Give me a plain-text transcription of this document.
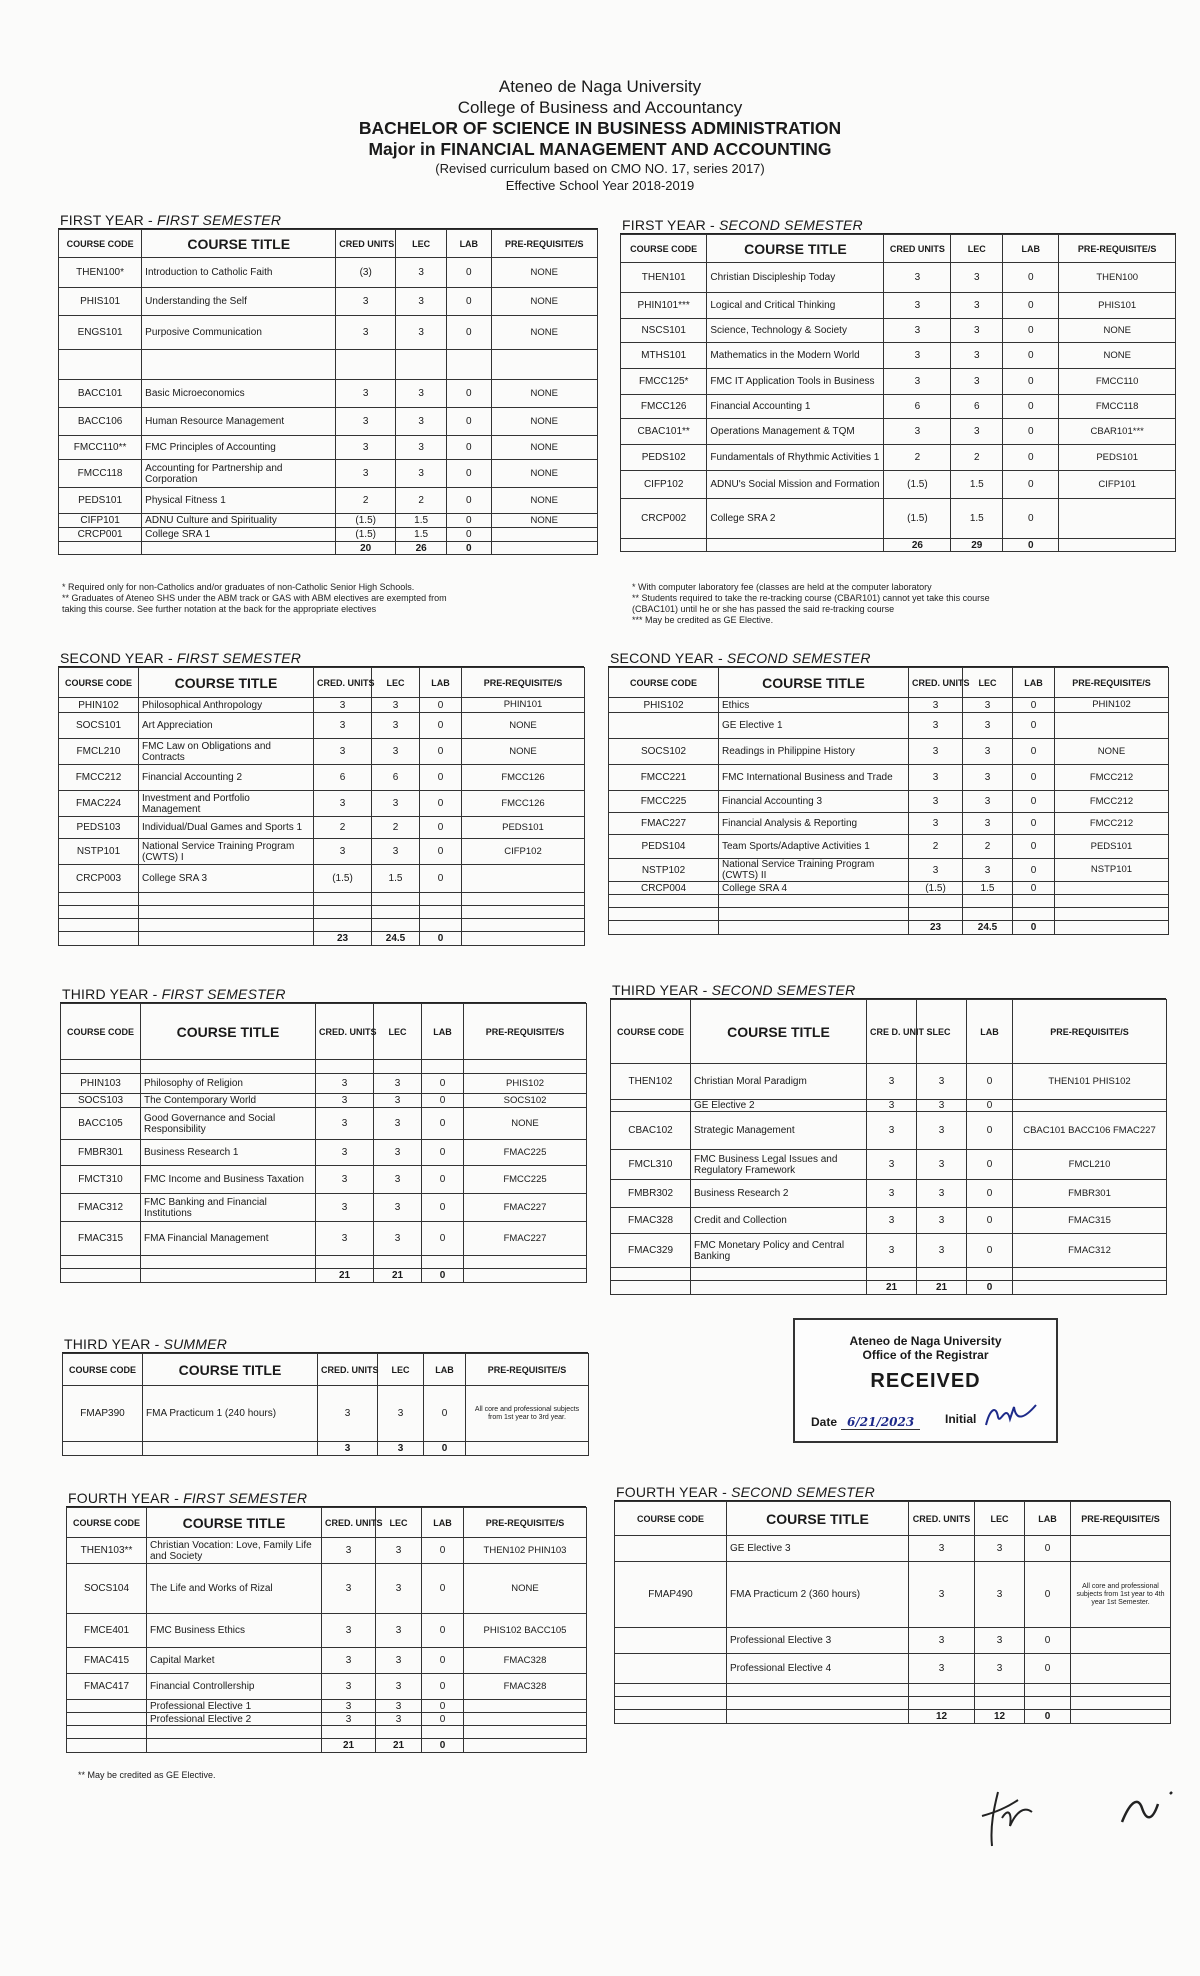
Ateneo de Naga University
College of Business and Accountancy
BACHELOR OF SCIENCE IN BUSINESS ADMINISTRATION
Major in FINANCIAL MANAGEMENT AND ACCOUNTING
(Revised curriculum based on CMO NO. 17, series 2017)
Effective School Year 2018-2019
FIRST YEAR - FIRST SEMESTER
COURSE CODE	COURSE TITLE	CRED UNITS	LEC	LAB	PRE-REQUISITE/S
THEN100*	Introduction to Catholic Faith	(3)	3	0	NONE
PHIS101	Understanding the Self	3	3	0	NONE
ENGS101	Purposive Communication	3	3	0	NONE

BACC101	Basic Microeconomics	3	3	0	NONE
BACC106	Human Resource Management	3	3	0	NONE
FMCC110**	FMC Principles of Accounting	3	3	0	NONE
FMCC118	Accounting for Partnership and Corporation	3	3	0	NONE
PEDS101	Physical Fitness 1	2	2	0	NONE
CIFP101	ADNU Culture and Spirituality	(1.5)	1.5	0	NONE
CRCP001	College SRA 1	(1.5)	1.5	0	
		20	26	0	
* Required only for non-Catholics and/or graduates of non-Catholic Senior High Schools.
** Graduates of Ateneo SHS under the ABM track or GAS with ABM electives are exempted from
taking this course. See further notation at the back for the appropriate electives
FIRST YEAR - SECOND SEMESTER
COURSE CODE	COURSE TITLE	CRED UNITS	LEC	LAB	PRE-REQUISITE/S
THEN101	Christian Discipleship Today	3	3	0	THEN100
PHIN101***	Logical and Critical Thinking	3	3	0	PHIS101
NSCS101	Science, Technology & Society	3	3	0	NONE
MTHS101	Mathematics in the Modern World	3	3	0	NONE
FMCC125*	FMC IT Application Tools in Business	3	3	0	FMCC110
FMCC126	Financial Accounting 1	6	6	0	FMCC118
CBAC101**	Operations Management & TQM	3	3	0	CBAR101***
PEDS102	Fundamentals of Rhythmic Activities 1	2	2	0	PEDS101
CIFP102	ADNU's Social Mission and Formation	(1.5)	1.5	0	CIFP101
CRCP002	College SRA 2	(1.5)	1.5	0	
		26	29	0	
* With computer laboratory fee (classes are held at the computer laboratory
** Students required to take the re-tracking course (CBAR101) cannot yet take this course
(CBAC101) until he or she has passed the said re-tracking course
*** May be credited as GE Elective.
SECOND YEAR - FIRST SEMESTER
COURSE CODE	COURSE TITLE	CRED. UNITS	LEC	LAB	PRE-REQUISITE/S
PHIN102	Philosophical Anthropology	3	3	0	PHIN101
SOCS101	Art Appreciation	3	3	0	NONE
FMCL210	FMC Law on Obligations and Contracts	3	3	0	NONE
FMCC212	Financial Accounting 2	6	6	0	FMCC126
FMAC224	Investment and Portfolio Management	3	3	0	FMCC126
PEDS103	Individual/Dual Games and Sports 1	2	2	0	PEDS101
NSTP101	National Service Training Program (CWTS) I	3	3	0	CIFP102
CRCP003	College SRA 3	(1.5)	1.5	0	

		23	24.5	0	
SECOND YEAR - SECOND SEMESTER
COURSE CODE	COURSE TITLE	CRED. UNITS	LEC	LAB	PRE-REQUISITE/S
PHIS102	Ethics	3	3	0	PHIN102
	GE Elective 1	3	3	0	
SOCS102	Readings in Philippine History	3	3	0	NONE
FMCC221	FMC International Business and Trade	3	3	0	FMCC212
FMCC225	Financial Accounting 3	3	3	0	FMCC212
FMAC227	Financial Analysis & Reporting	3	3	0	FMCC212
PEDS104	Team Sports/Adaptive Activities 1	2	2	0	PEDS101
NSTP102	National Service Training Program (CWTS) II	3	3	0	NSTP101
CRCP004	College SRA 4	(1.5)	1.5	0	

		23	24.5	0	
THIRD YEAR - FIRST SEMESTER
COURSE CODE	COURSE TITLE	CRED. UNITS	LEC	LAB	PRE-REQUISITE/S

PHIN103	Philosophy of Religion	3	3	0	PHIS102
SOCS103	The Contemporary World	3	3	0	SOCS102
BACC105	Good Governance and Social Responsibility	3	3	0	NONE
FMBR301	Business Research 1	3	3	0	FMAC225
FMCT310	FMC Income and Business Taxation	3	3	0	FMCC225
FMAC312	FMC Banking and Financial Institutions	3	3	0	FMAC227
FMAC315	FMA Financial Management	3	3	0	FMAC227

		21	21	0	
THIRD YEAR - SECOND SEMESTER
COURSE CODE	COURSE TITLE	CRE D. UNIT S	LEC	LAB	PRE-REQUISITE/S
THEN102	Christian Moral Paradigm	3	3	0	THEN101 PHIS102
	GE Elective 2	3	3	0	
CBAC102	Strategic Management	3	3	0	CBAC101 BACC106 FMAC227
FMCL310	FMC Business Legal Issues and Regulatory Framework	3	3	0	FMCL210
FMBR302	Business Research 2	3	3	0	FMBR301
FMAC328	Credit and Collection	3	3	0	FMAC315
FMAC329	FMC Monetary Policy and Central Banking	3	3	0	FMAC312

		21	21	0	
THIRD YEAR - SUMMER
COURSE CODE	COURSE TITLE	CRED. UNITS	LEC	LAB	PRE-REQUISITE/S
FMAP390	FMA Practicum 1 (240 hours)	3	3	0	All core and professional subjects from 1st year to 3rd year.
		3	3	0	
Ateneo de Naga University
Office of the Registrar
RECEIVED
Date 6/21/2023	Initial
FOURTH YEAR - FIRST SEMESTER
COURSE CODE	COURSE TITLE	CRED. UNITS	LEC	LAB	PRE-REQUISITE/S
THEN103**	Christian Vocation: Love, Family Life and Society	3	3	0	THEN102 PHIN103
SOCS104	The Life and Works of Rizal	3	3	0	NONE
FMCE401	FMC Business Ethics	3	3	0	PHIS102 BACC105
FMAC415	Capital Market	3	3	0	FMAC328
FMAC417	Financial Controllership	3	3	0	FMAC328
	Professional Elective 1	3	3	0	
	Professional Elective 2	3	3	0	

		21	21	0	
** May be credited as GE Elective.
FOURTH YEAR - SECOND SEMESTER
COURSE CODE	COURSE TITLE	CRED. UNITS	LEC	LAB	PRE-REQUISITE/S
	GE Elective 3	3	3	0	
FMAP490	FMA Practicum 2 (360 hours)	3	3	0	All core and professional subjects from 1st year to 4th year 1st Semester.
	Professional Elective 3	3	3	0	
	Professional Elective 4	3	3	0	

		12	12	0	
